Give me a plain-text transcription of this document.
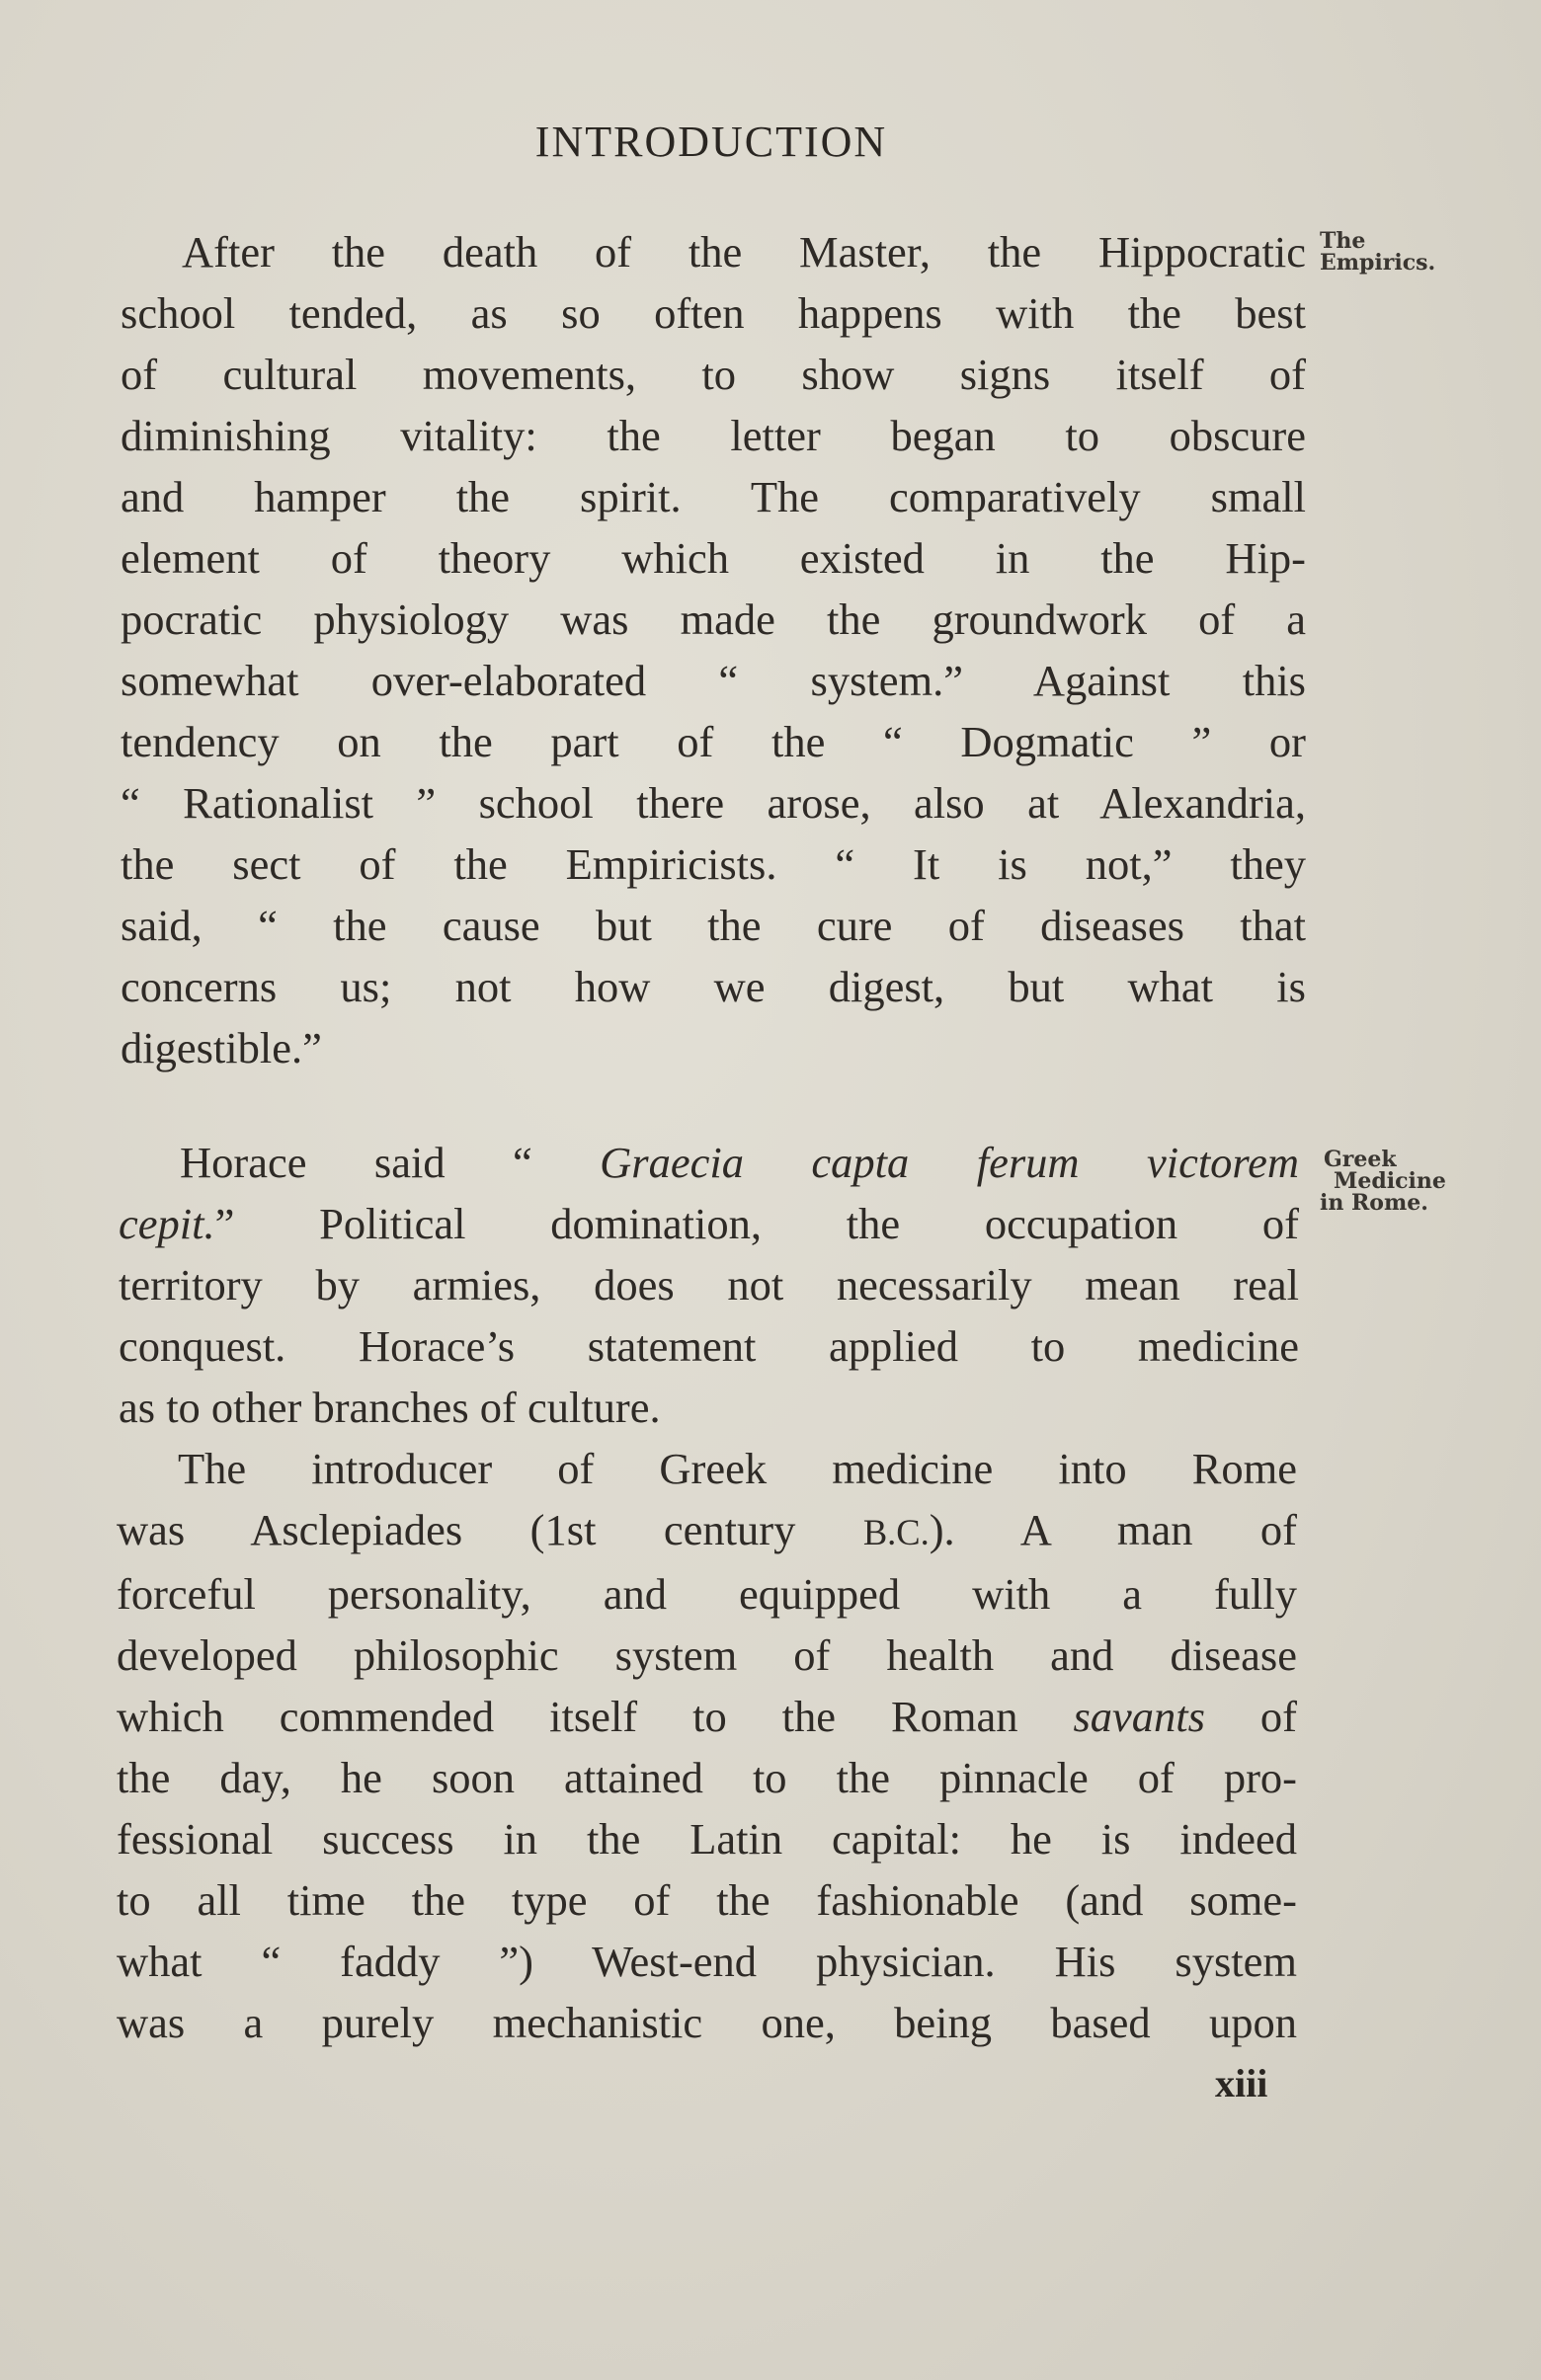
INTRODUCTION
The
Empirics.
After the death of the Master, the Hippocratic
school tended, as so often happens with the best
of cultural movements, to show signs itself of
diminishing vitality: the letter began to obscure
and hamper the spirit. The comparatively small
element of theory which existed in the Hip-
pocratic physiology was made the groundwork of a
somewhat over-elaborated “ system.” Against this
tendency on the part of the “ Dogmatic ” or
“ Rationalist ” school there arose, also at Alexandria,
the sect of the Empiricists. “ It is not,” they
said, “ the cause but the cure of diseases that
concerns us; not how we digest, but what is
digestible.”
Greek
Medicine
in Rome.
Horace said “ Graecia capta ferum victorem
cepit.” Political domination, the occupation of
territory by armies, does not necessarily mean real
conquest. Horace’s statement applied to medicine
as to other branches of culture.
The introducer of Greek medicine into Rome
was Asclepiades (1st century B.C.). A man of
forceful personality, and equipped with a fully
developed philosophic system of health and disease
which commended itself to the Roman savants of
the day, he soon attained to the pinnacle of pro-
fessional success in the Latin capital: he is indeed
to all time the type of the fashionable (and some-
what “ faddy ”) West-end physician. His system
was a purely mechanistic one, being based upon
xiii
